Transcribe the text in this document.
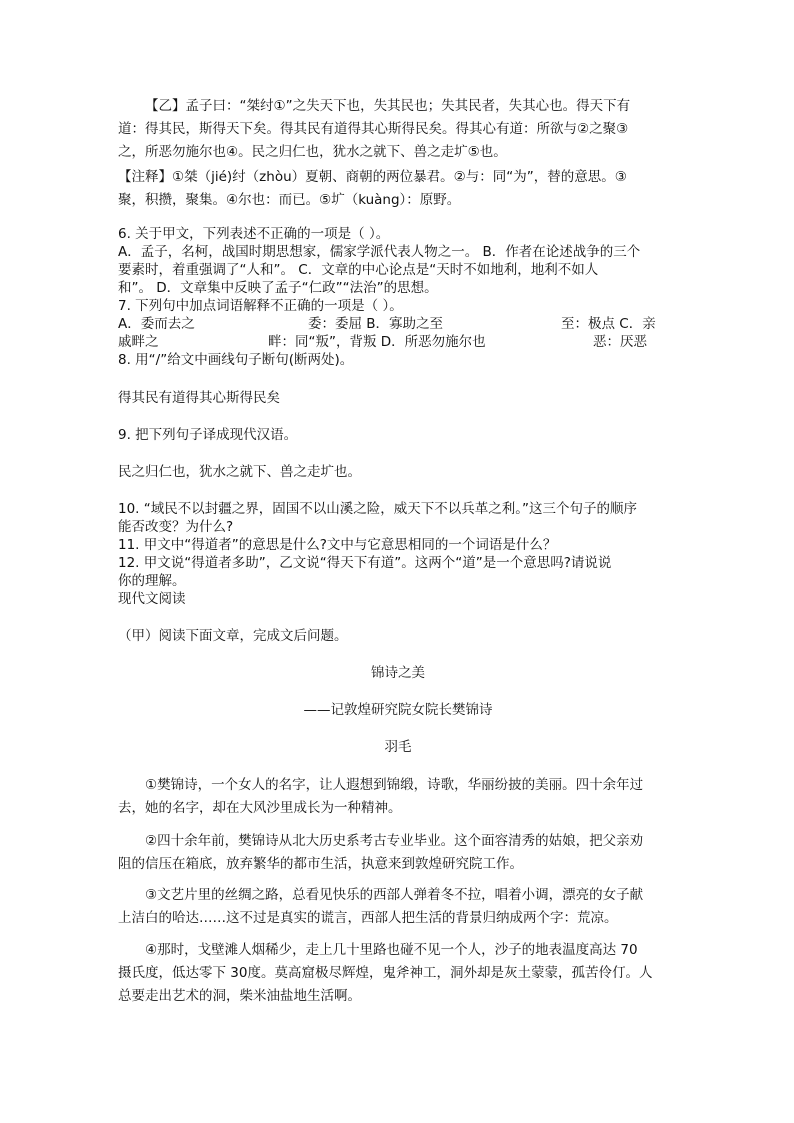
【乙】孟子曰：“桀纣①”之失天下也，失其民也；失其民者，失其心也。得天下有
道：得其民，斯得天下矣。得其民有道得其心斯得民矣。得其心有道：所欲与②之聚③
之，所恶勿施尔也④。民之归仁也，犹水之就下、兽之走圹⑤也。
【注释】①桀（jié)纣（zhòu）夏朝、商朝的两位暴君。②与：同“为”，替的意思。③
聚，积攒，聚集。④尔也：而已。⑤圹（kuàng）：原野。
6. 关于甲文，下列表述不正确的一项是（ ）。
A．孟子，名柯，战国时期思想家，儒家学派代表人物之一。 B．作者在论述战争的三个
要素时，着重强调了“人和”。 C．文章的中心论点是“天时不如地利，地利不如人
和”。 D．文章集中反映了孟子“仁政”“法治”的思想。
7. 下列句中加点词语解释不正确的一项是（ ）。
A．委而去之	委：委屈 B．寡助之至	至：极点 C．亲
戚畔之	畔：同“叛”，背叛 D．所恶勿施尔也	恶：厌恶
8. 用“/”给文中画线句子断句(断两处)。
得其民有道得其心斯得民矣
9. 把下列句子译成现代汉语。
民之归仁也，犹水之就下、兽之走圹也。
10. “域民不以封疆之界，固国不以山溪之险，威天下不以兵革之利。”这三个句子的顺序
能否改变？为什么?
11. 甲文中“得道者”的意思是什么?文中与它意思相同的一个词语是什么？
12. 甲文说“得道者多助”，乙文说“得天下有道”。这两个“道”是一个意思吗?请说说
你的理解。
现代文阅读
（甲）阅读下面文章，完成文后问题。
锦诗之美
——记敦煌研究院女院长樊锦诗
羽毛
①樊锦诗，一个女人的名字，让人遐想到锦缎，诗歌，华丽纷披的美丽。四十余年过
去，她的名字，却在大风沙里成长为一种精神。
②四十余年前，樊锦诗从北大历史系考古专业毕业。这个面容清秀的姑娘，把父亲劝
阻的信压在箱底，放弃繁华的都市生活，执意来到敦煌研究院工作。
③文艺片里的丝绸之路，总看见快乐的西部人弹着冬不拉，唱着小调，漂亮的女子献
上洁白的哈达……这不过是真实的谎言，西部人把生活的背景归纳成两个字：荒凉。
④那时，戈壁滩人烟稀少，走上几十里路也碰不见一个人，沙子的地表温度高达 70
摄氏度，低达零下 30度。莫高窟极尽辉煌，鬼斧神工，洞外却是灰土蒙蒙，孤苦伶仃。人
总要走出艺术的洞，柴米油盐地生活啊。
